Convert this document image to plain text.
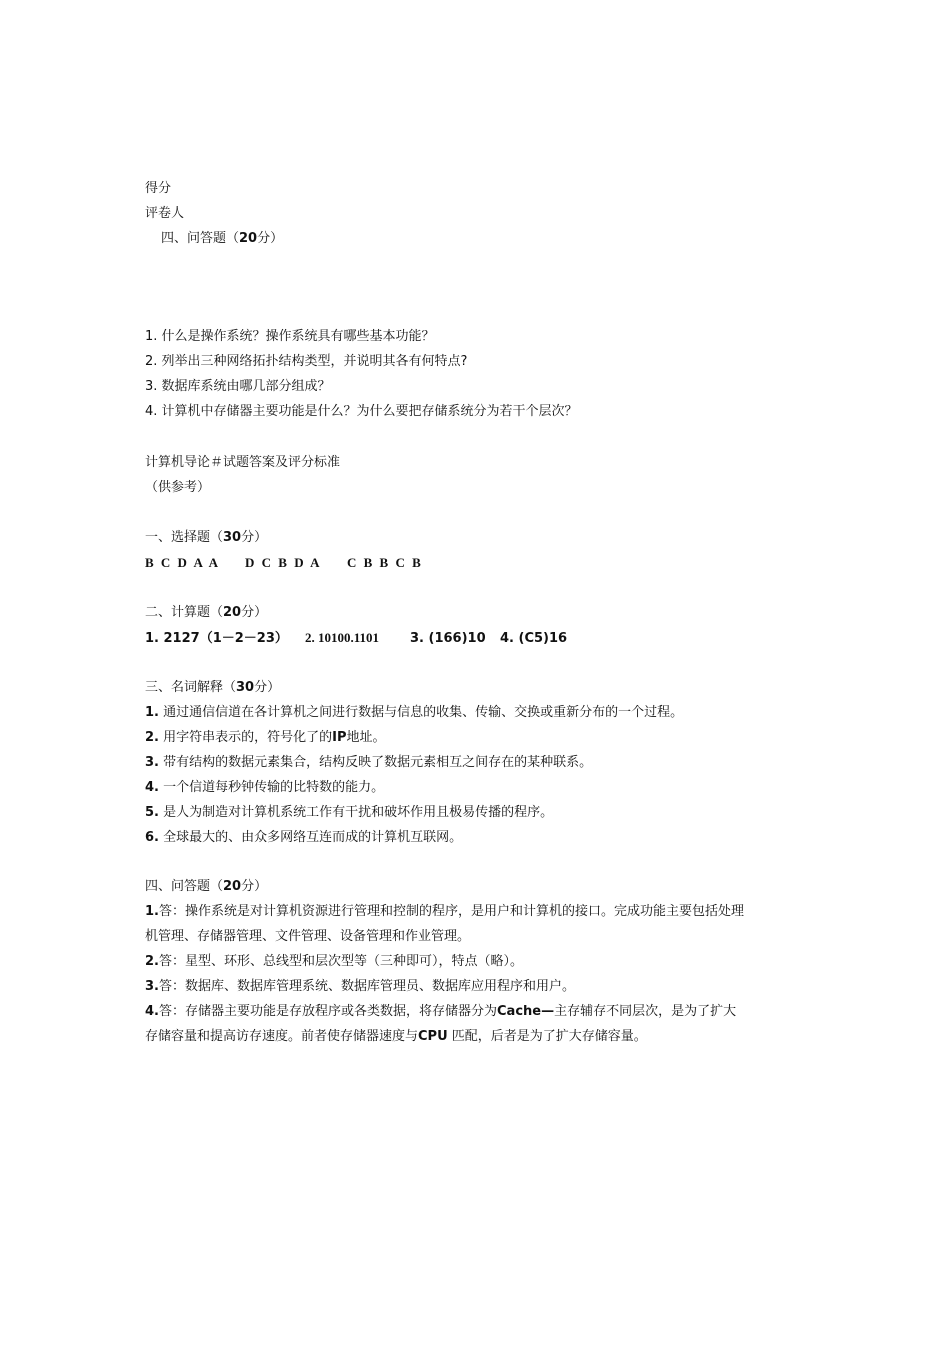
得分
评卷人
四、问答题（20分）
1. 什么是操作系统？操作系统具有哪些基本功能？
2. 列举出三种网络拓扑结构类型，并说明其各有何特点?
3. 数据库系统由哪几部分组成？
4. 计算机中存储器主要功能是什么？为什么要把存储系统分为若干个层次？
计算机导论＃试题答案及评分标准
（供参考）
一、选择题（30分）
B C D A A D C B D A C B B C B
二、计算题（20分）
1. 2127（1－2－23） 2. 10100.1101 3. (166)10 4. (C5)16
三、名词解释（30分）
1. 通过通信信道在各计算机之间进行数据与信息的收集、传输、交换或重新分布的一个过程。
2. 用字符串表示的，符号化了的IP地址。
3. 带有结构的数据元素集合，结构反映了数据元素相互之间存在的某种联系。
4. 一个信道每秒钟传输的比特数的能力。
5. 是人为制造对计算机系统工作有干扰和破坏作用且极易传播的程序。
6. 全球最大的、由众多网络互连而成的计算机互联网。
四、问答题（20分）
1.答：操作系统是对计算机资源进行管理和控制的程序，是用户和计算机的接口。完成功能主要包括处理
机管理、存储器管理、文件管理、设备管理和作业管理。
2.答：星型、环形、总线型和层次型等（三种即可），特点（略）。
3.答：数据库、数据库管理系统、数据库管理员、数据库应用程序和用户。
4.答：存储器主要功能是存放程序或各类数据，将存储器分为Cache—主存辅存不同层次，是为了扩大
存储容量和提高访存速度。前者使存储器速度与CPU 匹配，后者是为了扩大存储容量。
